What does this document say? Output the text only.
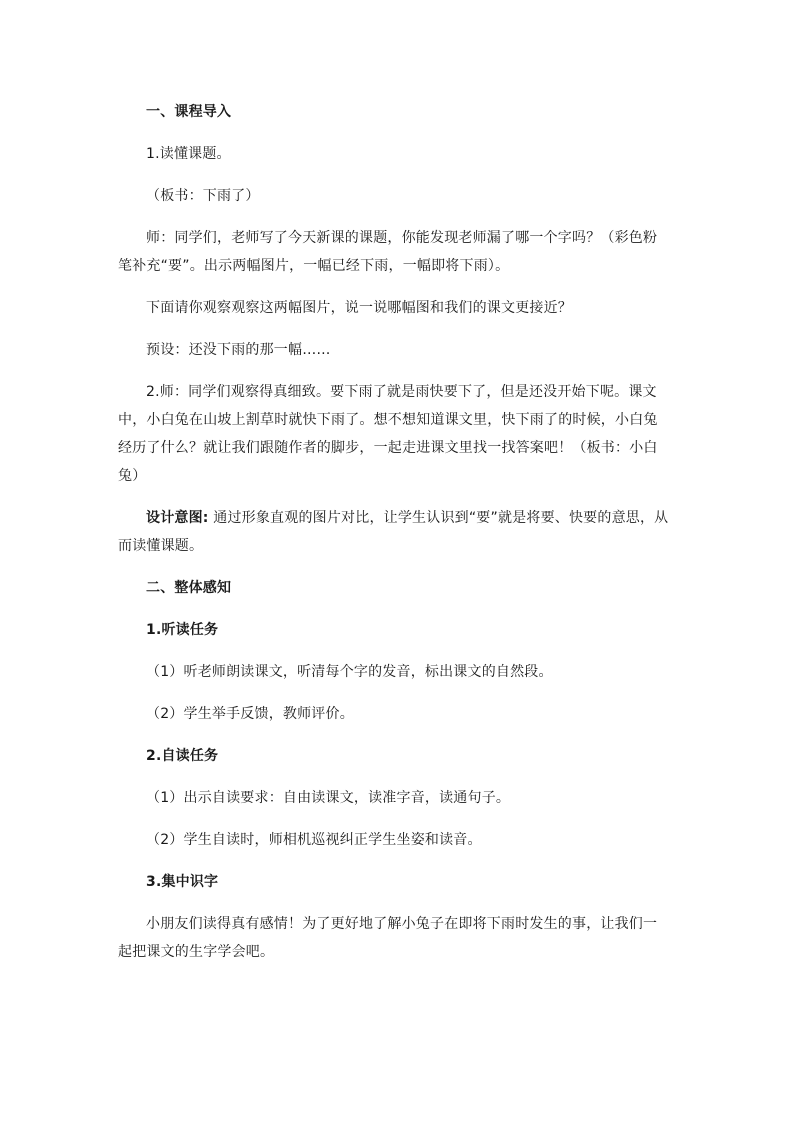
一、课程导入

1.读懂课题。

（板书：下雨了）

师：同学们，老师写了今天新课的课题，你能发现老师漏了哪一个字吗？（彩色粉笔补充“要”。出示两幅图片，一幅已经下雨，一幅即将下雨）。

下面请你观察观察这两幅图片，说一说哪幅图和我们的课文更接近？

预设：还没下雨的那一幅……

2.师：同学们观察得真细致。要下雨了就是雨快要下了，但是还没开始下呢。课文中，小白兔在山坡上割草时就快下雨了。想不想知道课文里，快下雨了的时候，小白兔经历了什么？就让我们跟随作者的脚步，一起走进课文里找一找答案吧！（板书：小白兔）

设计意图: 通过形象直观的图片对比，让学生认识到“要”就是将要、快要的意思，从而读懂课题。

二、整体感知

1.听读任务

（1）听老师朗读课文，听清每个字的发音，标出课文的自然段。

（2）学生举手反馈，教师评价。

2.自读任务

（1）出示自读要求：自由读课文，读准字音，读通句子。

（2）学生自读时，师相机巡视纠正学生坐姿和读音。

3.集中识字

小朋友们读得真有感情！为了更好地了解小兔子在即将下雨时发生的事，让我们一起把课文的生字学会吧。
